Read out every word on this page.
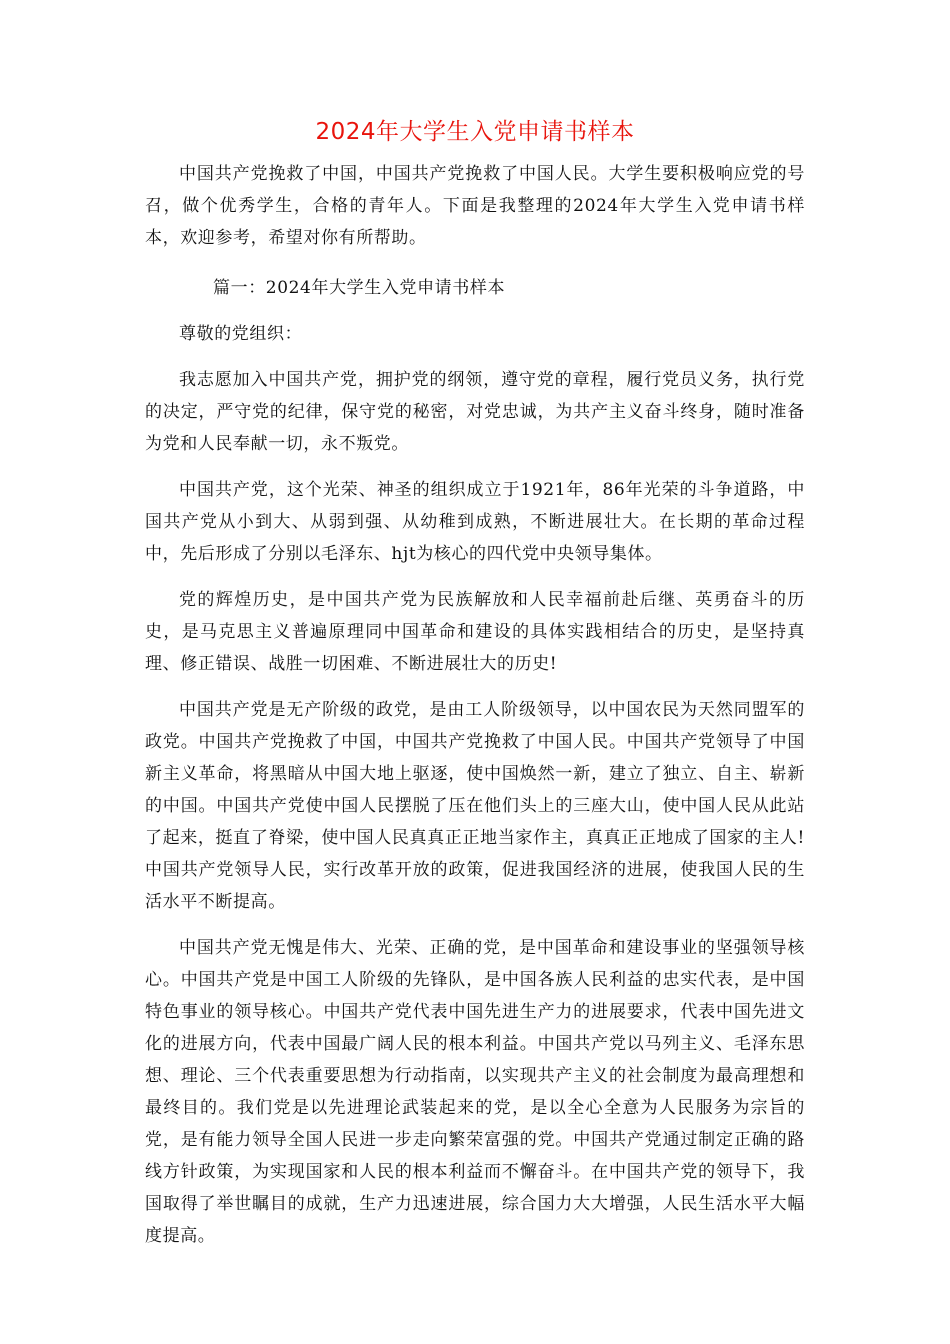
2024年大学生入党申请书样本

中国共产党挽救了中国，中国共产党挽救了中国人民。大学生要积极响应党的号召，做个优秀学生，合格的青年人。下面是我整理的2024年大学生入党申请书样本，欢迎参考，希望对你有所帮助。

篇一：2024年大学生入党申请书样本

尊敬的党组织：

我志愿加入中国共产党，拥护党的纲领，遵守党的章程，履行党员义务，执行党的决定，严守党的纪律，保守党的秘密，对党忠诚，为共产主义奋斗终身，随时准备为党和人民奉献一切，永不叛党。

中国共产党，这个光荣、神圣的组织成立于1921年，86年光荣的斗争道路，中国共产党从小到大、从弱到强、从幼稚到成熟，不断进展壮大。在长期的革命过程中，先后形成了分别以毛泽东、hjt为核心的四代党中央领导集体。

党的辉煌历史，是中国共产党为民族解放和人民幸福前赴后继、英勇奋斗的历史，是马克思主义普遍原理同中国革命和建设的具体实践相结合的历史，是坚持真理、修正错误、战胜一切困难、不断进展壮大的历史!

中国共产党是无产阶级的政党，是由工人阶级领导，以中国农民为天然同盟军的政党。中国共产党挽救了中国，中国共产党挽救了中国人民。中国共产党领导了中国新主义革命，将黑暗从中国大地上驱逐，使中国焕然一新，建立了独立、自主、崭新的中国。中国共产党使中国人民摆脱了压在他们头上的三座大山，使中国人民从此站了起来，挺直了脊梁，使中国人民真真正正地当家作主，真真正正地成了国家的主人!中国共产党领导人民，实行改革开放的政策，促进我国经济的进展，使我国人民的生活水平不断提高。

中国共产党无愧是伟大、光荣、正确的党，是中国革命和建设事业的坚强领导核心。中国共产党是中国工人阶级的先锋队，是中国各族人民利益的忠实代表，是中国特色事业的领导核心。中国共产党代表中国先进生产力的进展要求，代表中国先进文化的进展方向，代表中国最广阔人民的根本利益。中国共产党以马列主义、毛泽东思想、理论、三个代表重要思想为行动指南，以实现共产主义的社会制度为最高理想和最终目的。我们党是以先进理论武装起来的党，是以全心全意为人民服务为宗旨的党，是有能力领导全国人民进一步走向繁荣富强的党。中国共产党通过制定正确的路线方针政策，为实现国家和人民的根本利益而不懈奋斗。在中国共产党的领导下，我国取得了举世瞩目的成就，生产力迅速进展，综合国力大大增强，人民生活水平大幅度提高。
